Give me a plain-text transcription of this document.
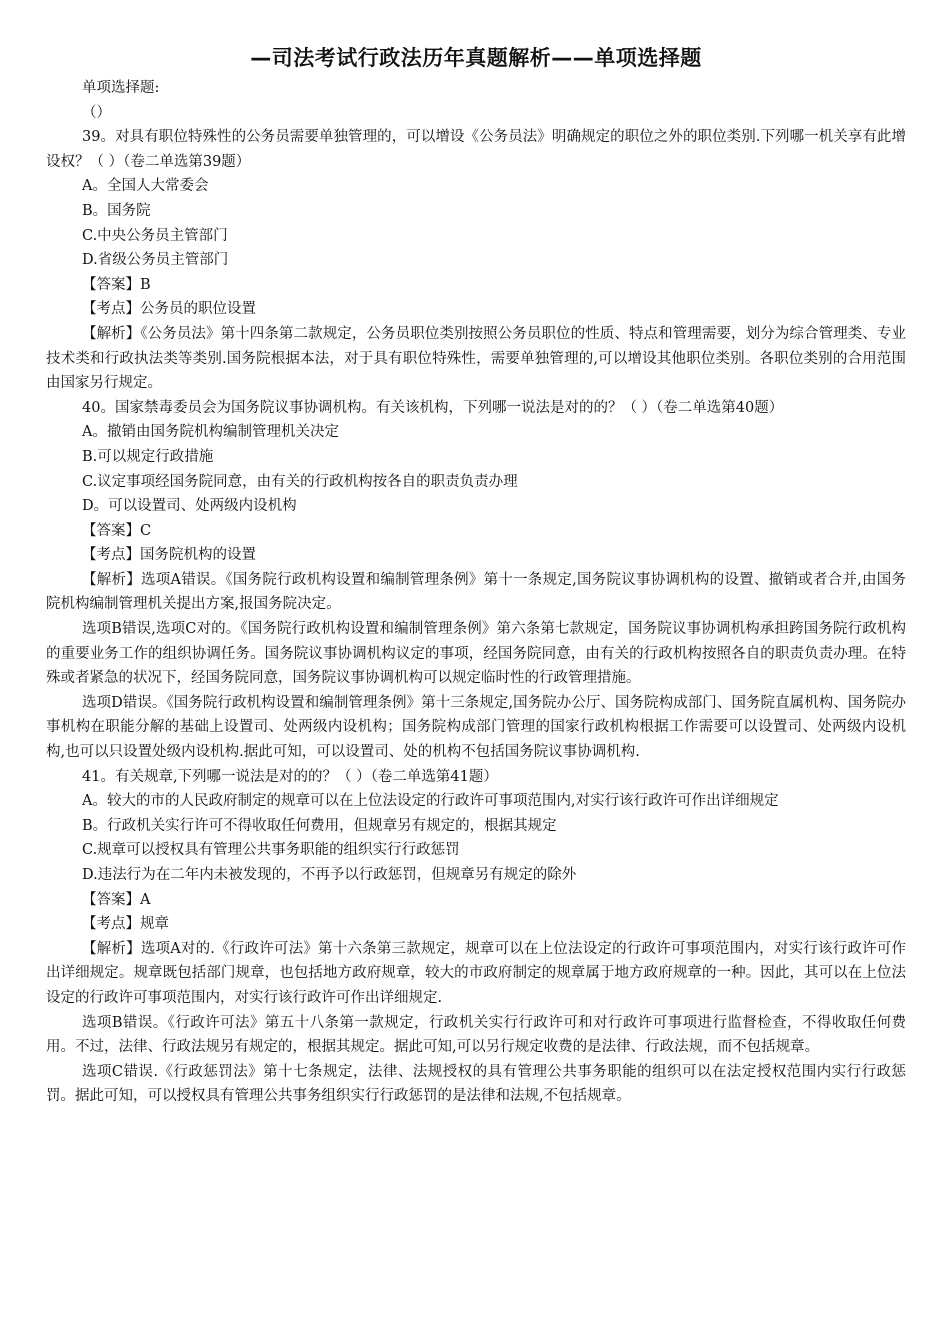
—司法考试行政法历年真题解析——单项选择题

单项选择题:

（）

39。对具有职位特殊性的公务员需要单独管理的，可以增设《公务员法》明确规定的职位之外的职位类别.下列哪一机关享有此增设权？（ ）（卷二单选第39题）

A。全国人大常委会

B。国务院

C.中央公务员主管部门

D.省级公务员主管部门

【答案】B

【考点】公务员的职位设置

【解析】《公务员法》第十四条第二款规定，公务员职位类别按照公务员职位的性质、特点和管理需要，划分为综合管理类、专业技术类和行政执法类等类别.国务院根据本法，对于具有职位特殊性，需要单独管理的,可以增设其他职位类别。各职位类别的合用范围由国家另行规定。

40。国家禁毒委员会为国务院议事协调机构。有关该机构，下列哪一说法是对的的？（ ）（卷二单选第40题）

A。撤销由国务院机构编制管理机关决定

B.可以规定行政措施

C.议定事项经国务院同意，由有关的行政机构按各自的职责负责办理

D。可以设置司、处两级内设机构

【答案】C

【考点】国务院机构的设置

【解析】选项A错误。《国务院行政机构设置和编制管理条例》第十一条规定,国务院议事协调机构的设置、撤销或者合并,由国务院机构编制管理机关提出方案,报国务院决定。

选项B错误,选项C对的。《国务院行政机构设置和编制管理条例》第六条第七款规定，国务院议事协调机构承担跨国务院行政机构的重要业务工作的组织协调任务。国务院议事协调机构议定的事项，经国务院同意，由有关的行政机构按照各自的职责负责办理。在特殊或者紧急的状况下，经国务院同意，国务院议事协调机构可以规定临时性的行政管理措施。

选项D错误。《国务院行政机构设置和编制管理条例》第十三条规定,国务院办公厅、国务院构成部门、国务院直属机构、国务院办事机构在职能分解的基础上设置司、处两级内设机构；国务院构成部门管理的国家行政机构根据工作需要可以设置司、处两级内设机构,也可以只设置处级内设机构.据此可知，可以设置司、处的机构不包括国务院议事协调机构.

41。有关规章,下列哪一说法是对的的？（ ）（卷二单选第41题）

A。较大的市的人民政府制定的规章可以在上位法设定的行政许可事项范围内,对实行该行政许可作出详细规定

B。行政机关实行许可不得收取任何费用，但规章另有规定的，根据其规定

C.规章可以授权具有管理公共事务职能的组织实行行政惩罚

D.违法行为在二年内未被发现的，不再予以行政惩罚，但规章另有规定的除外

【答案】A

【考点】规章

【解析】选项A对的.《行政许可法》第十六条第三款规定，规章可以在上位法设定的行政许可事项范围内，对实行该行政许可作出详细规定。规章既包括部门规章，也包括地方政府规章，较大的市政府制定的规章属于地方政府规章的一种。因此，其可以在上位法设定的行政许可事项范围内，对实行该行政许可作出详细规定.

选项B错误。《行政许可法》第五十八条第一款规定，行政机关实行行政许可和对行政许可事项进行监督检查，不得收取任何费用。不过，法律、行政法规另有规定的，根据其规定。据此可知,可以另行规定收费的是法律、行政法规，而不包括规章。

选项C错误.《行政惩罚法》第十七条规定，法律、法规授权的具有管理公共事务职能的组织可以在法定授权范围内实行行政惩罚。据此可知，可以授权具有管理公共事务组织实行行政惩罚的是法律和法规,不包括规章。
